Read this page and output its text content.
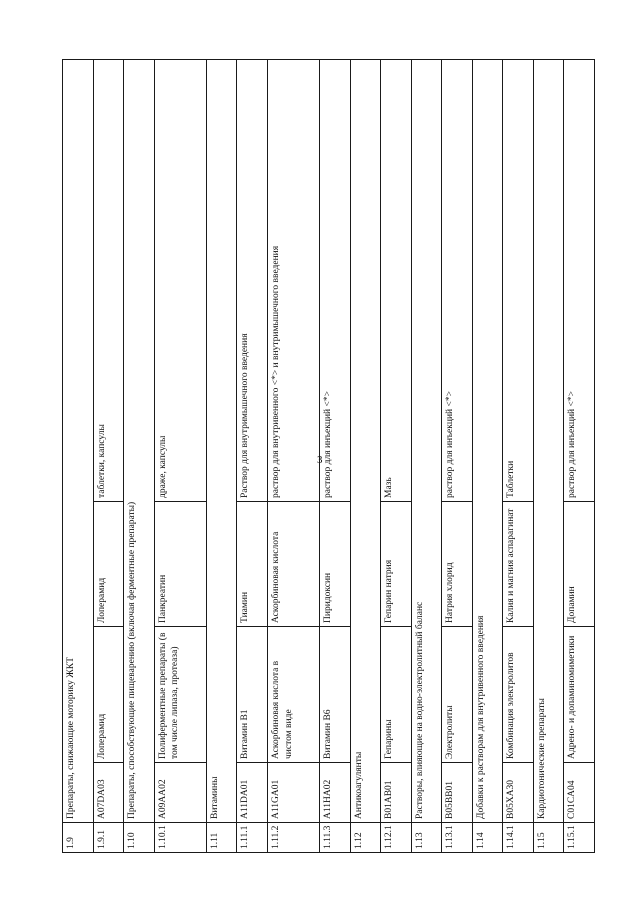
3
1.9	Препараты, снижающие моторику ЖКТ			
1.9.1	A07DA03	Лоперамид	Лоперамид	таблетки, капсулы
1.10	Препараты, способствующие пищеварению (включая ферментные препараты)			
1.10.1	A09AA02	Полиферментные препараты (в том числе липаза, протеаза)	Панкреатин	драже, капсулы
1.11	Витамины			
1.11.1	A11DA01	Витамин В1	Тиамин	Раствор для внутримышечного введения
1.11.2	A11GA01	Аскорбиновая кислота в чистом виде	Аскорбиновая кислота	раствор для внутривенного <*> и внутримышечного введения
1.11.3	A11HA02	Витамин В6	Пиридоксин	раствор для инъекций <*>
1.12	Антикоагулянты			
1.12.1	B01AB01	Гепарины	Гепарин натрия	Мазь
1.13	Растворы, влияющие на водно-электролитный баланс			
1.13.1	B05BB01	Электролиты	Натрия хлорид	раствор для инъекций <*>
1.14	Добавки к растворам для внутривенного введения			
1.14.1	B05XA30	Комбинация электролитов	Калия и магния аспарагинат	Таблетки
1.15	Кардиотонические препараты			
1.15.1	C01CA04	Адрено- и допаминомиметики	Допамин	раствор для инъекций <*>
